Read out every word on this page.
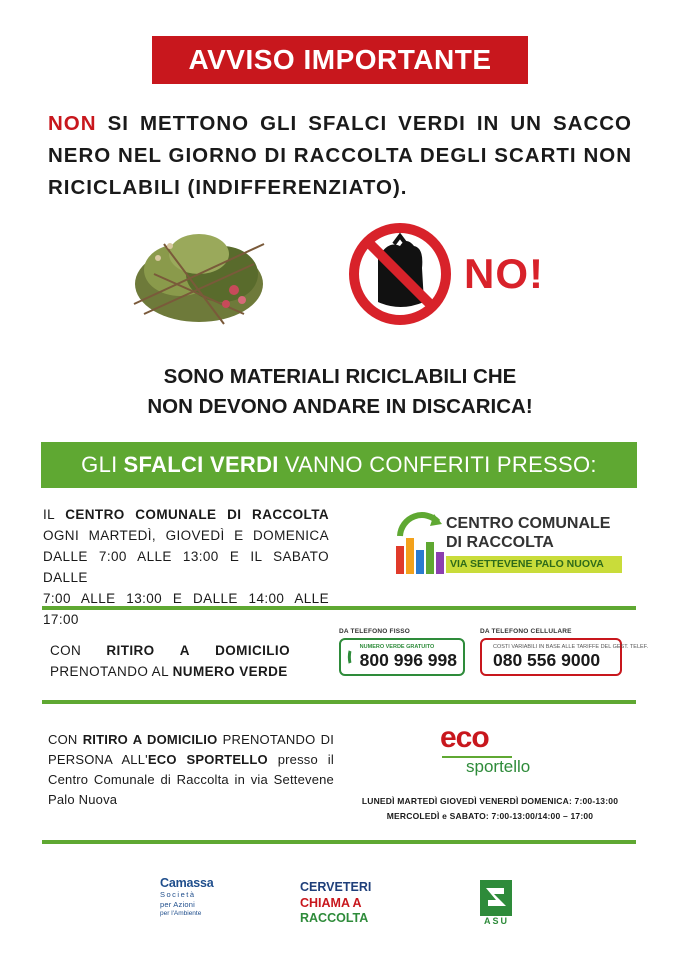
AVVISO IMPORTANTE

NON SI METTONO GLI SFALCI VERDI IN UN SACCO NERO NEL GIORNO DI RACCOLTA DEGLI SCARTI NON RICICLABILI (INDIFFERENZIATO).

NO!
SONO MATERIALI RICICLABILI CHE
NON DEVONO ANDARE IN DISCARICA!
GLI SFALCI VERDI VANNO CONFERITI PRESSO:
IL CENTRO COMUNALE DI RACCOLTA
OGNI MARTEDÌ, GIOVEDÌ E DOMENICA
DALLE 7:00 ALLE 13:00 E IL SABATO DALLE
7:00 ALLE 13:00 E DALLE 14:00 ALLE 17:00
CENTRO COMUNALE
DI RACCOLTA
VIA SETTEVENE PALO NUOVA
CON RITIRO A DOMICILIO
PRENOTANDO AL NUMERO VERDE
DA TELEFONO FISSO
NUMERO VERDE GRATUITO
800 996 998
DA TELEFONO CELLULARE
COSTI VARIABILI IN BASE ALLE TARIFFE DEL GEST. TELEF.
080 556 9000
CON RITIRO A DOMICILIO PRENOTANDO DI PERSONA ALL'ECO SPORTELLO presso il Centro Comunale di Raccolta in via Settevene Palo Nuova
eco
sportello
LUNEDÌ MARTEDÌ GIOVEDÌ VENERDÌ DOMENICA: 7:00-13:00
MERCOLEDÌ e SABATO: 7:00-13:00/14:00 – 17:00
Camassa
Società
per Azioni
per l'Ambiente
CERVETERI
CHIAMA A
RACCOLTA	ASU
